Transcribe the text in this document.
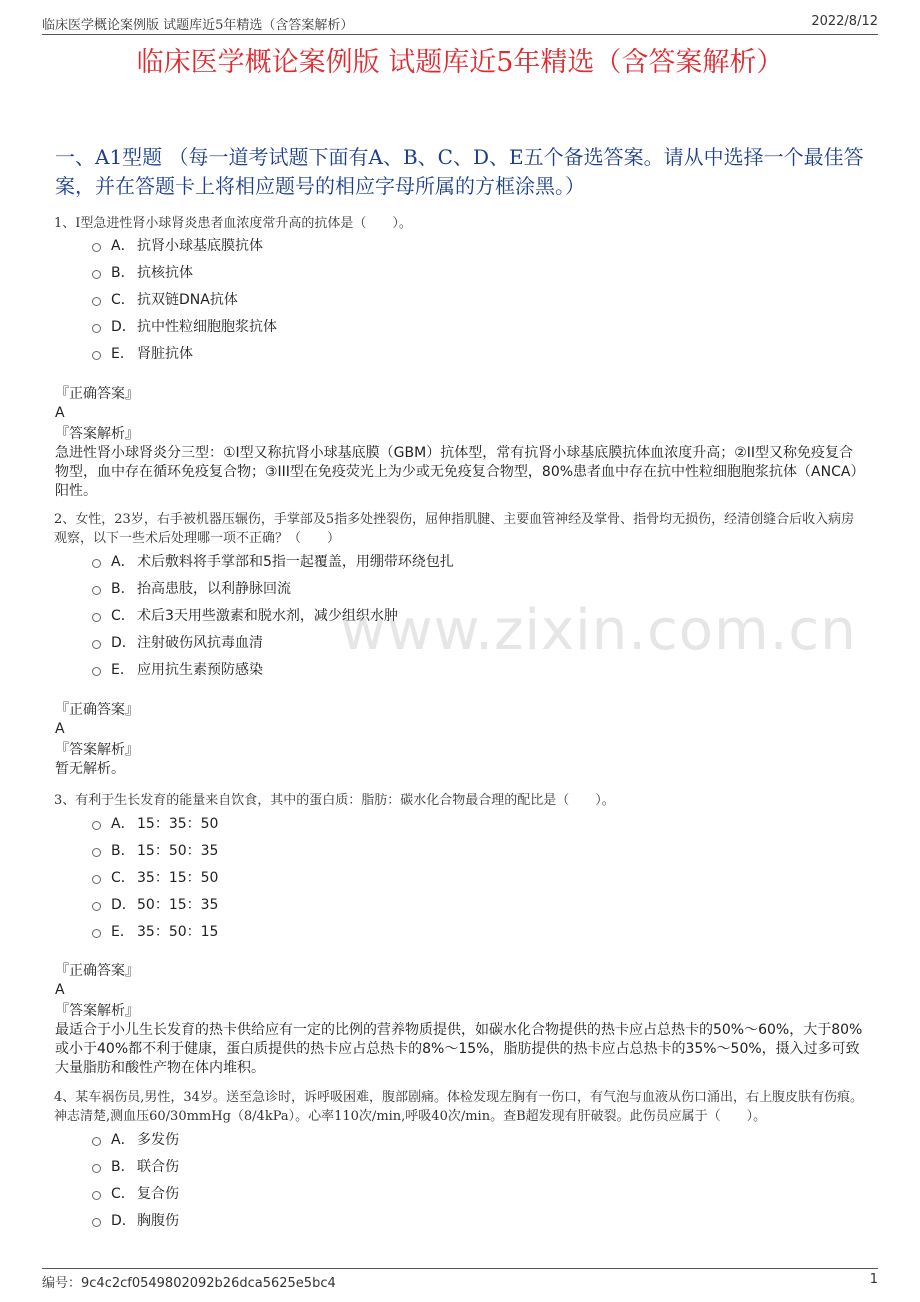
临床医学概论案例版 试题库近5年精选（含答案解析）	2022/8/12
临床医学概论案例版 试题库近5年精选（含答案解析）
一、A1型题 （每一道考试题下面有A、B、C、D、E五个备选答案。请从中选择一个最佳答案，并在答题卡上将相应题号的相应字母所属的方框涂黑。）
www.zixin.com.cn
1、I型急进性肾小球肾炎患者血浓度常升高的抗体是（　　）。
A． 抗肾小球基底膜抗体
B． 抗核抗体
C． 抗双链DNA抗体
D． 抗中性粒细胞胞浆抗体
E． 肾脏抗体
『正确答案』
A
『答案解析』
急进性肾小球肾炎分三型：①I型又称抗肾小球基底膜（GBM）抗体型，常有抗肾小球基底膜抗体血浓度升高；②II型又称免疫复合物型，血中存在循环免疫复合物；③III型在免疫荧光上为少或无免疫复合物型，80%患者血中存在抗中性粒细胞胞浆抗体（ANCA）阳性。
2、女性，23岁，右手被机器压辗伤，手掌部及5指多处挫裂伤，屈伸指肌腱、主要血管神经及掌骨、指骨均无损伤，经清创缝合后收入病房观察，以下一些术后处理哪一项不正确？（　　）
A． 术后敷料将手掌部和5指一起覆盖，用绷带环绕包扎
B． 抬高患肢，以利静脉回流
C． 术后3天用些激素和脱水剂，减少组织水肿
D． 注射破伤风抗毒血清
E． 应用抗生素预防感染
『正确答案』
A
『答案解析』
暂无解析。
3、有利于生长发育的能量来自饮食，其中的蛋白质：脂肪：碳水化合物最合理的配比是（　　）。
A． 15：35：50
B． 15：50：35
C． 35：15：50
D． 50：15：35
E． 35：50：15
『正确答案』
A
『答案解析』
最适合于小儿生长发育的热卡供给应有一定的比例的营养物质提供，如碳水化合物提供的热卡应占总热卡的50%～60%，大于80%或小于40%都不利于健康，蛋白质提供的热卡应占总热卡的8%～15%，脂肪提供的热卡应占总热卡的35%～50%，摄入过多可致大量脂肪和酸性产物在体内堆积。
4、某车祸伤员,男性，34岁。送至急诊时，诉呼吸困难，腹部剧痛。体检发现左胸有一伤口，有气泡与血液从伤口涌出，右上腹皮肤有伤痕。神志清楚,测血压60/30mmHg（8/4kPa）。心率110次/min,呼吸40次/min。查B超发现有肝破裂。此伤员应属于（　　）。
A． 多发伤
B． 联合伤
C． 复合伤
D． 胸腹伤
编号：9c4c2cf0549802092b26dca5625e5bc4	1
